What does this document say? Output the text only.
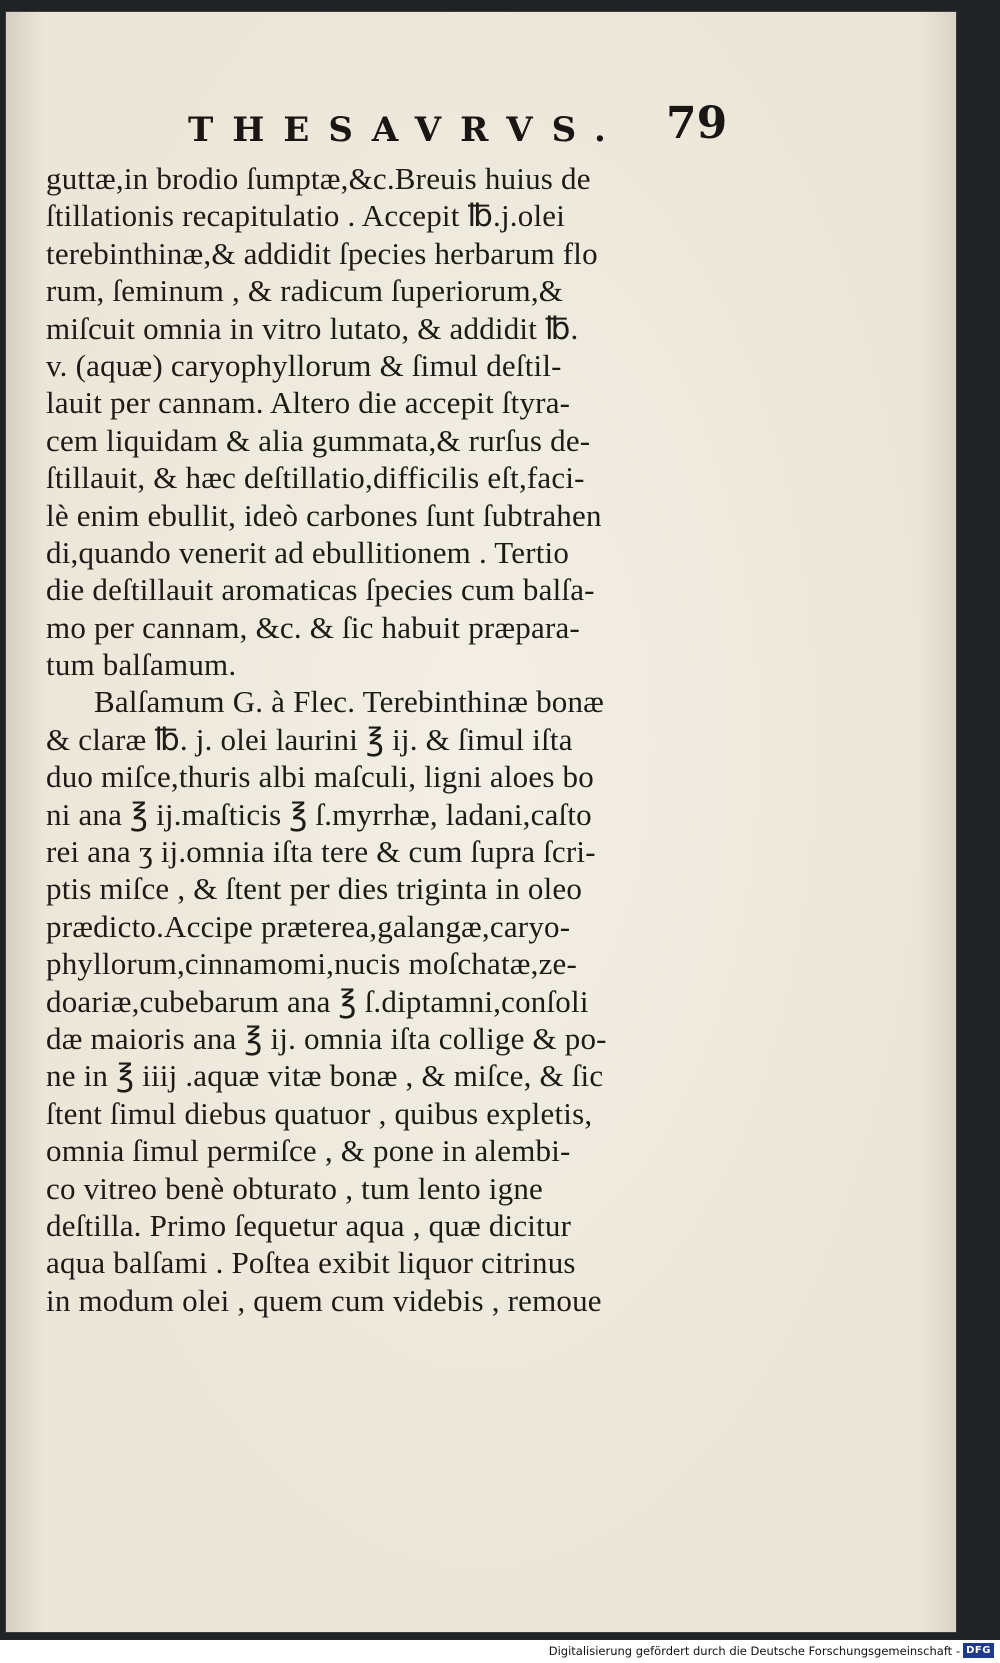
THESAVRVS. 79
guttæ,in brodio ſumptæ,&c.Breuis huius de
ſtillationis recapitulatio . Accepit ℔.j.olei
terebinthinæ,& addidit ſpecies herbarum flo
rum, ſeminum , & radicum ſuperiorum,&
miſcuit omnia in vitro lutato, & addidit ℔.
v. (aquæ) caryophyllorum & ſimul deſtil-
lauit per cannam. Altero die accepit ſtyra-
cem liquidam & alia gummata,& rurſus de-
ſtillauit, & hæc deſtillatio,difficilis eſt,faci-
lè enim ebullit, ideò carbones ſunt ſubtrahen
di,quando venerit ad ebullitionem . Tertio
die deſtillauit aromaticas ſpecies cum balſa-
mo per cannam, &c. & ſic habuit præpara-
tum balſamum.
Balſamum G. à Flec. Terebinthinæ bonæ
& claræ ℔. j. olei laurini ℥ ij. & ſimul iſta
duo miſce,thuris albi maſculi, ligni aloes bo
ni ana ℥ ij.maſticis ℥ ſ.myrrhæ, ladani,caſto
rei ana ʒ ij.omnia iſta tere & cum ſupra ſcri-
ptis miſce , & ſtent per dies triginta in oleo
prædicto.Accipe præterea,galangæ,caryo-
phyllorum,cinnamomi,nucis moſchatæ,ze-
doariæ,cubebarum ana ℥ ſ.diptamni,conſoli
dæ maioris ana ℥ ij. omnia iſta collige & po-
ne in ℥ iiij .aquæ vitæ bonæ , & miſce, & ſic
ſtent ſimul diebus quatuor , quibus expletis,
omnia ſimul permiſce , & pone in alembi-
co vitreo benè obturato , tum lento igne
deſtilla. Primo ſequetur aqua , quæ dicitur
aqua balſami . Poſtea exibit liquor citrinus
in modum olei , quem cum videbis , remoue
Digitalisierung gefördert durch die Deutsche Forschungsgemeinschaft - DFG
